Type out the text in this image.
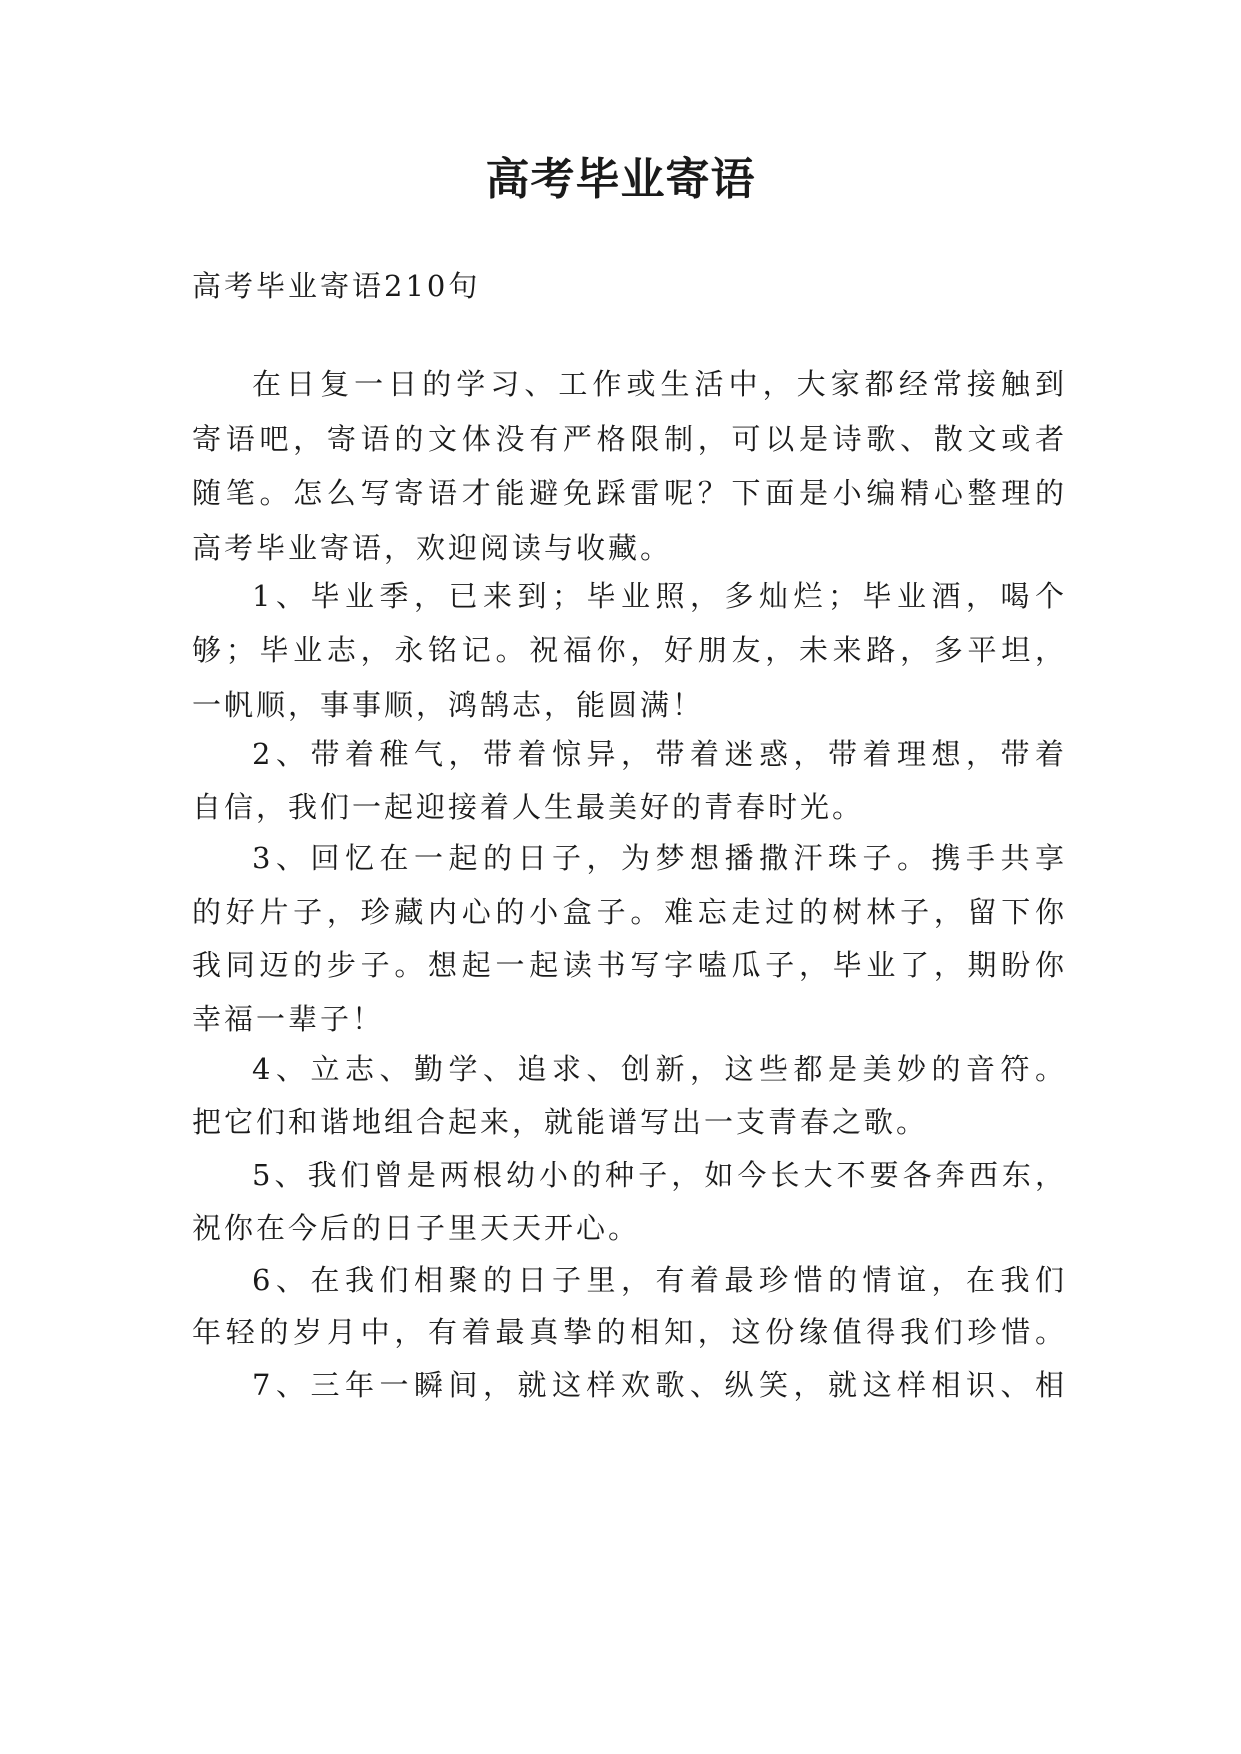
高考毕业寄语
高考毕业寄语210句
在日复一日的学习、工作或生活中，大家都经常接触到
寄语吧，寄语的文体没有严格限制，可以是诗歌、散文或者
随笔。怎么写寄语才能避免踩雷呢？下面是小编精心整理的
高考毕业寄语，欢迎阅读与收藏。
1、毕业季，已来到；毕业照，多灿烂；毕业酒，喝个
够；毕业志，永铭记。祝福你，好朋友，未来路，多平坦，
一帆顺，事事顺，鸿鹄志，能圆满！
2、带着稚气，带着惊异，带着迷惑，带着理想，带着
自信，我们一起迎接着人生最美好的青春时光。
3、回忆在一起的日子，为梦想播撒汗珠子。携手共享
的好片子，珍藏内心的小盒子。难忘走过的树林子，留下你
我同迈的步子。想起一起读书写字嗑瓜子，毕业了，期盼你
幸福一辈子！
4、立志、勤学、追求、创新，这些都是美妙的音符。
把它们和谐地组合起来，就能谱写出一支青春之歌。
5、我们曾是两根幼小的种子，如今长大不要各奔西东，
祝你在今后的日子里天天开心。
6、在我们相聚的日子里，有着最珍惜的情谊，在我们
年轻的岁月中，有着最真挚的相知，这份缘值得我们珍惜。
7、三年一瞬间，就这样欢歌、纵笑，就这样相识、相
